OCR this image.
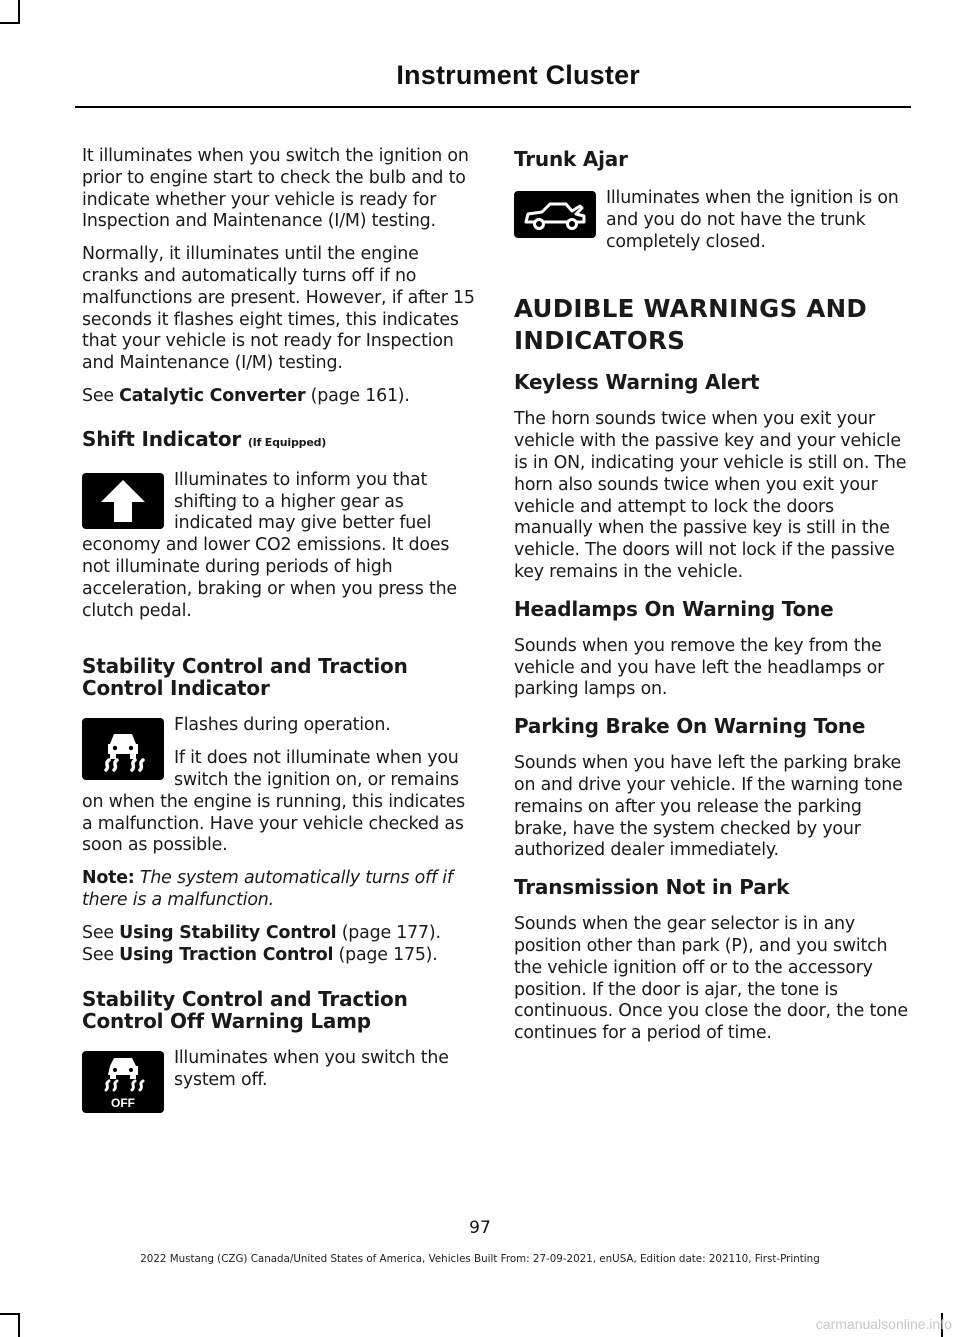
Instrument Cluster

It illuminates when you switch the ignition on prior to engine start to check the bulb and to indicate whether your vehicle is ready for Inspection and Maintenance (I/M) testing.

Normally, it illuminates until the engine cranks and automatically turns off if no malfunctions are present. However, if after 15 seconds it flashes eight times, this indicates that your vehicle is not ready for Inspection and Maintenance (I/M) testing.

See Catalytic Converter (page 161).

Shift Indicator (If Equipped)

Illuminates to inform you that shifting to a higher gear as indicated may give better fuel economy and lower CO2 emissions. It does not illuminate during periods of high acceleration, braking or when you press the clutch pedal.

Stability Control and Traction Control Indicator

Flashes during operation.

If it does not illuminate when you switch the ignition on, or remains on when the engine is running, this indicates a malfunction. Have your vehicle checked as soon as possible.

Note: The system automatically turns off if there is a malfunction.

See Using Stability Control (page 177).

See Using Traction Control (page 175).

Stability Control and Traction Control Off Warning Lamp
OFF

Illuminates when you switch the system off.

Trunk Ajar

Illuminates when the ignition is on and you do not have the trunk completely closed.

AUDIBLE WARNINGS AND
INDICATORS
Keyless Warning Alert

The horn sounds twice when you exit your vehicle with the passive key and your vehicle is in ON, indicating your vehicle is still on. The horn also sounds twice when you exit your vehicle and attempt to lock the doors manually when the passive key is still in the vehicle. The doors will not lock if the passive key remains in the vehicle.

Headlamps On Warning Tone

Sounds when you remove the key from the vehicle and you have left the headlamps or parking lamps on.

Parking Brake On Warning Tone

Sounds when you have left the parking brake on and drive your vehicle. If the warning tone remains on after you release the parking brake, have the system checked by your authorized dealer immediately.

Transmission Not in Park

Sounds when the gear selector is in any position other than park (P), and you switch the vehicle ignition off or to the accessory position. If the door is ajar, the tone is continuous. Once you close the door, the tone continues for a period of time.

97
2022 Mustang (CZG) Canada/United States of America, Vehicles Built From: 27-09-2021, enUSA, Edition date: 202110, First-Printing
carmanualsonline.info
